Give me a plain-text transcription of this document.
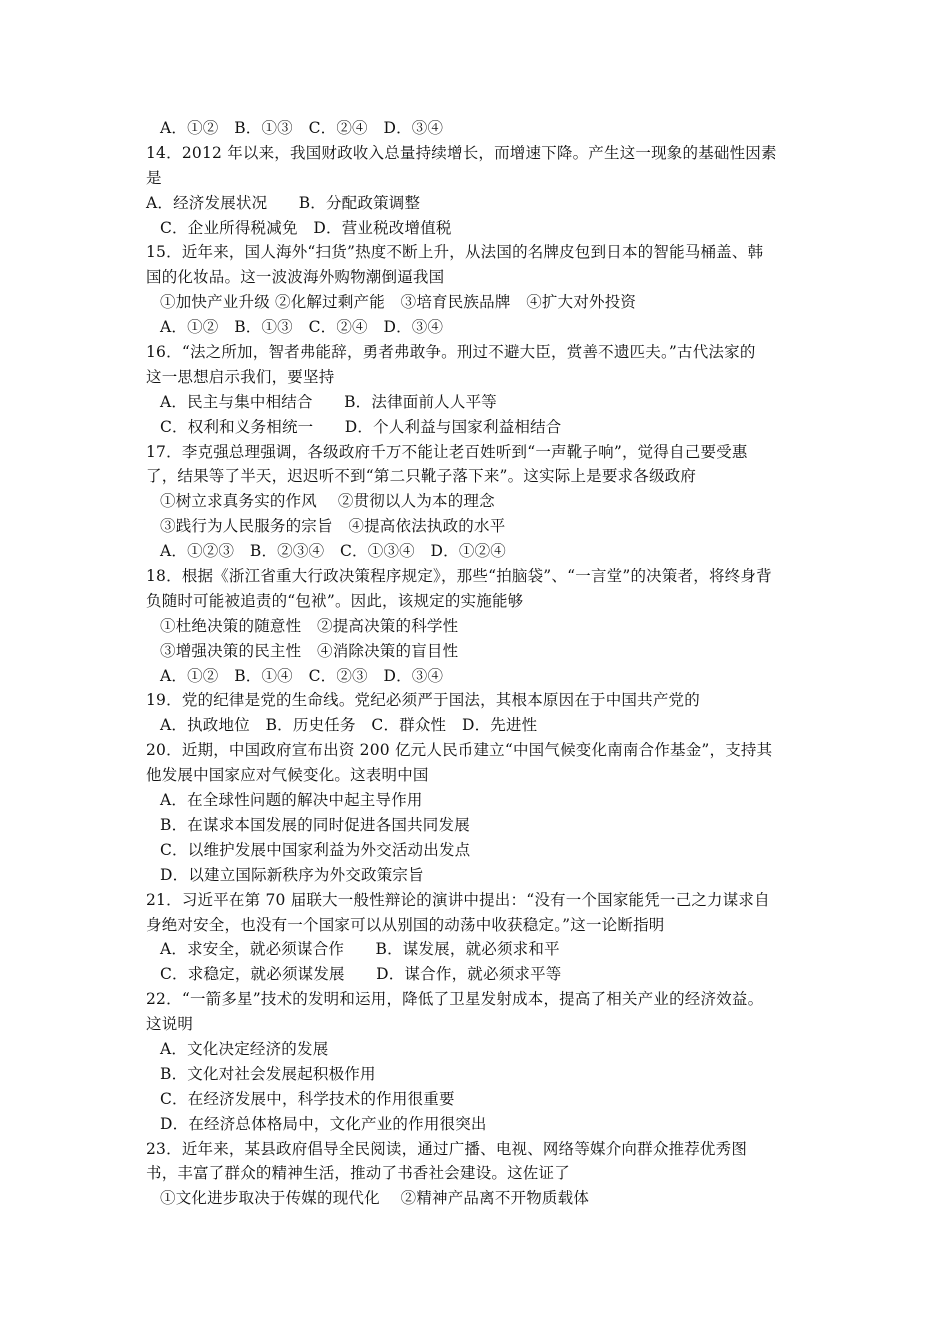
A．①②　B．①③　C．②④　D．③④
14．2012 年以来，我国财政收入总量持续增长，而增速下降。产生这一现象的基础性因素
是
A．经济发展状况　　B．分配政策调整
C．企业所得税减免　D．营业税改增值税
15．近年来，国人海外“扫货”热度不断上升，从法国的名牌皮包到日本的智能马桶盖、韩
国的化妆品。这一波波海外购物潮倒逼我国
①加快产业升级 ②化解过剩产能　③培育民族品牌　④扩大对外投资
A．①②　B．①③　C．②④　D．③④
16．“法之所加，智者弗能辞，勇者弗敢争。刑过不避大臣，赏善不遗匹夫。”古代法家的
这一思想启示我们，要坚持
A．民主与集中相结合　　B．法律面前人人平等
C．权利和义务相统一　　D．个人利益与国家利益相结合
17．李克强总理强调，各级政府千万不能让老百姓听到“一声靴子响”，觉得自己要受惠
了，结果等了半天，迟迟听不到“第二只靴子落下来”。这实际上是要求各级政府
①树立求真务实的作风　 ②贯彻以人为本的理念
③践行为人民服务的宗旨　④提高依法执政的水平
A．①②③　B．②③④　C．①③④　D．①②④
18．根据《浙江省重大行政决策程序规定》，那些“拍脑袋”、“一言堂”的决策者，将终身背
负随时可能被追责的“包袱”。因此，该规定的实施能够
①杜绝决策的随意性　②提高决策的科学性
③增强决策的民主性　④消除决策的盲目性
A．①②　B．①④　C．②③　D．③④
19．党的纪律是党的生命线。党纪必须严于国法，其根本原因在于中国共产党的
A．执政地位　B．历史任务　C．群众性　D．先进性
20．近期，中国政府宣布出资 200 亿元人民币建立“中国气候变化南南合作基金”，支持其
他发展中国家应对气候变化。这表明中国
A．在全球性问题的解决中起主导作用
B．在谋求本国发展的同时促进各国共同发展
C．以维护发展中国家利益为外交活动出发点
D．以建立国际新秩序为外交政策宗旨
21．习近平在第 70 届联大一般性辩论的演讲中提出：“没有一个国家能凭一己之力谋求自
身绝对安全，也没有一个国家可以从别国的动荡中收获稳定。”这一论断指明
A．求安全，就必须谋合作　　B．谋发展，就必须求和平
C．求稳定，就必须谋发展　　D．谋合作，就必须求平等
22．“一箭多星”技术的发明和运用，降低了卫星发射成本，提高了相关产业的经济效益。
这说明
A．文化决定经济的发展
B．文化对社会发展起积极作用
C．在经济发展中，科学技术的作用很重要
D．在经济总体格局中，文化产业的作用很突出
23．近年来，某县政府倡导全民阅读，通过广播、电视、网络等媒介向群众推荐优秀图
书，丰富了群众的精神生活，推动了书香社会建设。这佐证了
①文化进步取决于传媒的现代化　 ②精神产品离不开物质载体
